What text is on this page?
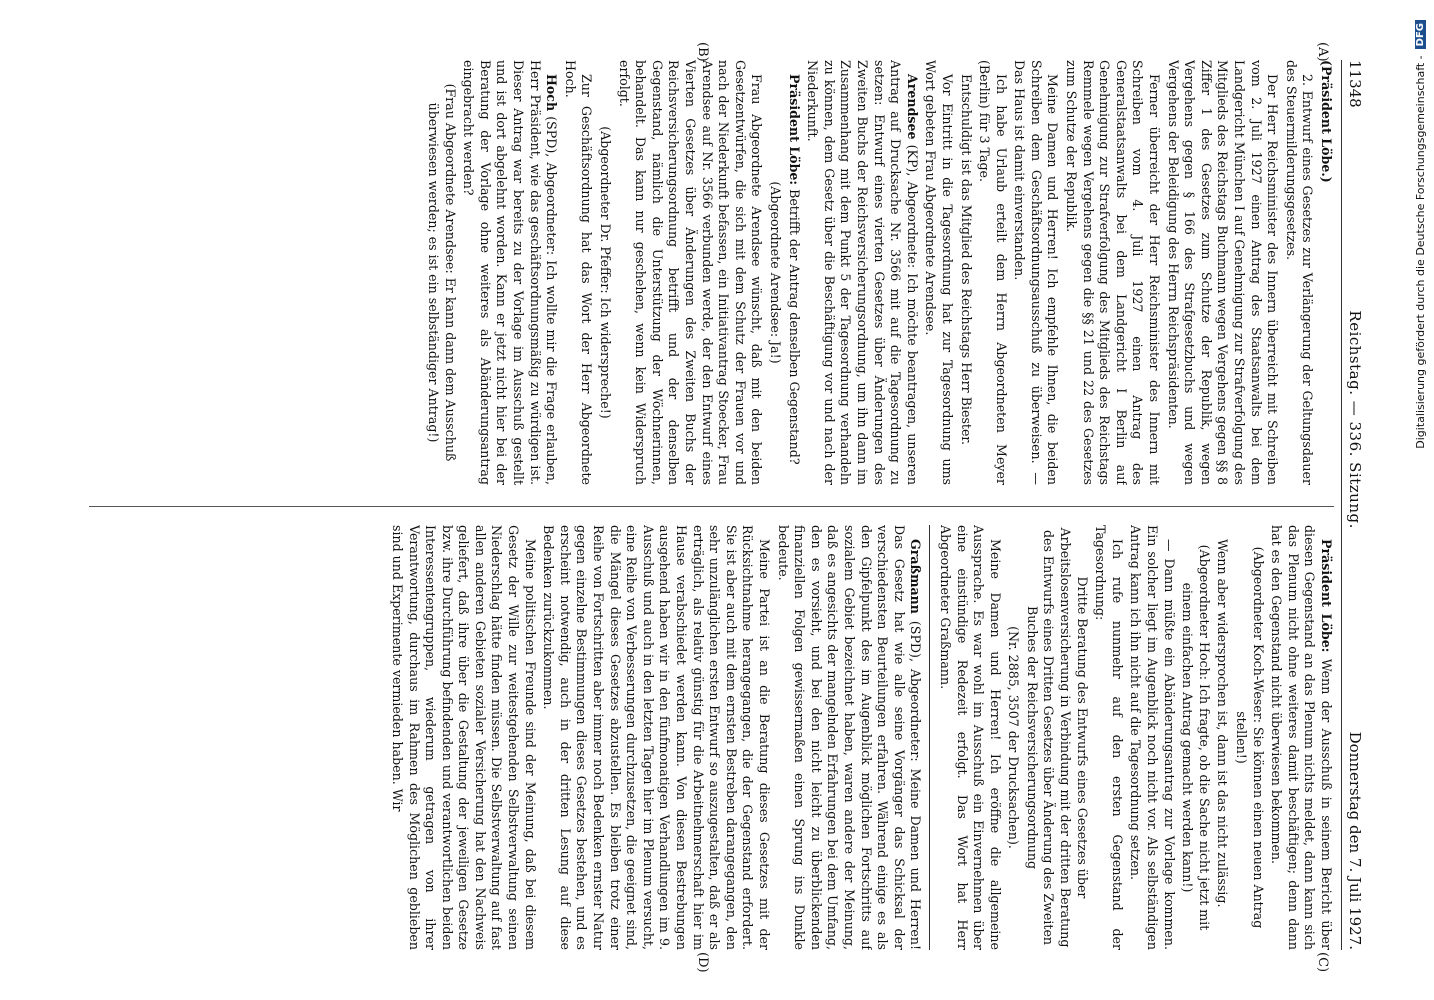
Digitalisierung gefördert durch die Deutsche Forschungsgemeinschaft -
DFG
11348
Reichstag. — 336. Sitzung.
Donnerstag den 7. Juli 1927.
(A)
(B)
(C)
(D)

(Präsident Löbe.)

2. Entwurf eines Gesetzes zur Verlängerung der Geltungsdauer des Steuermilderungsgesetzes.

Der Herr Reichsminister des Innern überreicht mit Schreiben vom 2. Juli 1927 einen Antrag des Staatsanwalts bei dem Landgericht München I auf Genehmigung zur Strafverfolgung des Mitglieds des Reichstags Buchmann wegen Vergehens gegen §§ 8 Ziffer 1 des Gesetzes zum Schutze der Republik, wegen Vergehens gegen § 166 des Strafgesetzbuchs und wegen Vergehens der Beleidigung des Herrn Reichspräsidenten.

Ferner überreicht der Herr Reichsminister des Innern mit Schreiben vom 4. Juli 1927 einen Antrag des Generalstaatsanwalts bei dem Landgericht I Berlin auf Genehmigung zur Strafverfolgung des Mitglieds des Reichstags Remmele wegen Vergehens gegen die §§ 21 und 22 des Gesetzes zum Schutze der Republik.

Meine Damen und Herren! Ich empfehle Ihnen, die beiden Schreiben dem Geschäftsordnungsausschuß zu überweisen. — Das Haus ist damit einverstanden.

Ich habe Urlaub erteilt dem Herrn Abgeordneten Meyer (Berlin) für 3 Tage.

Entschuldigt ist das Mitglied des Reichstags Herr Biester.

Vor Eintritt in die Tagesordnung hat zur Tagesordnung ums Wort gebeten Frau Abgeordnete Arendsee.

Arendsee (KP), Abgeordnete: Ich möchte beantragen, unseren Antrag auf Drucksache Nr. 3566 mit auf die Tagesordnung zu setzen: Entwurf eines vierten Gesetzes über Änderungen des Zweiten Buchs der Reichsversicherungsordnung, um ihn dann im Zusammenhang mit dem Punkt 5 der Tagesordnung verhandeln zu können, dem Gesetz über die Beschäftigung vor und nach der Niederkunft.

Präsident Löbe: Betrifft der Antrag denselben Gegenstand?

(Abgeordnete Arendsee: Ja!)

Frau Abgeordnete Arendsee wünscht, daß mit den beiden Gesetzentwürfen, die sich mit dem Schutz der Frauen vor und nach der Niederkunft befassen, ein Initiativantrag Stoecker, Frau Arendsee auf Nr. 3566 verbunden werde, der den Entwurf eines Vierten Gesetzes über Änderungen des Zweiten Buchs der Reichsversicherungsordnung betrifft und der denselben Gegenstand, nämlich die Unterstützung der Wöchnerinnen, behandelt. Das kann nur geschehen, wenn kein Widerspruch erfolgt.

(Abgeordneter Dr. Pfeffer: Ich widerspreche!)

Zur Geschäftsordnung hat das Wort der Herr Abgeordnete Hoch.

Hoch (SPD), Abgeordneter: Ich wollte mir die Frage erlauben, Herr Präsident, wie das geschäftsordnungsmäßig zu würdigen ist. Dieser Antrag war bereits zu der Vorlage im Ausschuß gestellt und ist dort abgelehnt worden. Kann er jetzt nicht hier bei der Beratung der Vorlage ohne weiteres als Abänderungsantrag eingebracht werden?

(Frau Abgeordnete Arendsee: Er kann dann dem Ausschuß überwiesen werden; es ist ein selbständiger Antrag!)

Präsident Löbe: Wenn der Ausschuß in seinem Bericht über diesen Gegenstand an das Plenum nichts meldet, dann kann sich das Plenum nicht ohne weiteres damit beschäftigen; denn dann hat es den Gegenstand nicht überwiesen bekommen.

(Abgeordneter Koch-Weser: Sie können einen neuen Antrag stellen!)

Wenn aber widersprochen ist, dann ist das nicht zulässig.

(Abgeordneter Hoch: Ich fragte, ob die Sache nicht jetzt mit einem einfachen Antrag gemacht werden kann!)

— Dann müßte ein Abänderungsantrag zur Vorlage kommen. Ein solcher liegt im Augenblick noch nicht vor. Als selbständigen Antrag kann ich ihn nicht auf die Tagesordnung setzen.

Ich rufe nunmehr auf den ersten Gegenstand der Tagesordnung:

Dritte Beratung des Entwurfs eines Gesetzes über Arbeitslosenversicherung in Verbindung mit der dritten Beratung des Entwurfs eines Dritten Gesetzes über Änderung des Zweiten Buches der Reichsversicherungsordnung

(Nr. 2885, 3507 der Drucksachen).

Meine Damen und Herren! Ich eröffne die allgemeine Aussprache. Es war wohl im Ausschuß ein Einvernehmen über eine einstündige Redezeit erfolgt. Das Wort hat Herr Abgeordneter Graßmann.

Graßmann (SPD), Abgeordneter: Meine Damen und Herren! Das Gesetz hat wie alle seine Vorgänger das Schicksal der verschiedensten Beurteilungen erfahren. Während einige es als den Gipfelpunkt des im Augenblick möglichen Fortschritts auf sozialem Gebiet bezeichnet haben, waren andere der Meinung, daß es angesichts der mangelnden Erfahrungen bei dem Umfang, den es vorsieht, und bei den nicht leicht zu überblickenden finanziellen Folgen gewissermaßen einen Sprung ins Dunkle bedeute.

Meine Partei ist an die Beratung dieses Gesetzes mit der Rücksichtnahme herangegangen, die der Gegenstand erfordert. Sie ist aber auch mit dem ernsten Bestreben darangegangen, den sehr unzulänglichen ersten Entwurf so auszugestalten, daß er als erträglich, als relativ günstig für die Arbeitnehmerschaft hier im Hause verabschiedet werden kann. Von diesen Bestrebungen ausgehend haben wir in den fünfmonatigen Verhandlungen im 9. Ausschuß und auch in den letzten Tagen hier im Plenum versucht, eine Reihe von Verbesserungen durchzusetzen, die geeignet sind, die Mängel dieses Gesetzes abzustellen. Es bleiben trotz einer Reihe von Fortschritten aber immer noch Bedenken ernster Natur gegen einzelne Bestimmungen dieses Gesetzes bestehen, und es erscheint notwendig, auch in der dritten Lesung auf diese Bedenken zurückzukommen.

Meine politischen Freunde sind der Meinung, daß bei diesem Gesetz der Wille zur weitestgehenden Selbstverwaltung seinen Niederschlag hätte finden müssen. Die Selbstverwaltung auf fast allen anderen Gebieten sozialer Versicherung hat den Nachweis geliefert, daß ihre über die Gestaltung der jeweiligen Gesetze bzw. ihre Durchführung befindenden und verantwortlichen beiden Interessentengruppen, wiederum getragen von ihrer Verantwortung, durchaus im Rahmen des Möglichen geblieben sind und Experimente vermieden haben. Wir
